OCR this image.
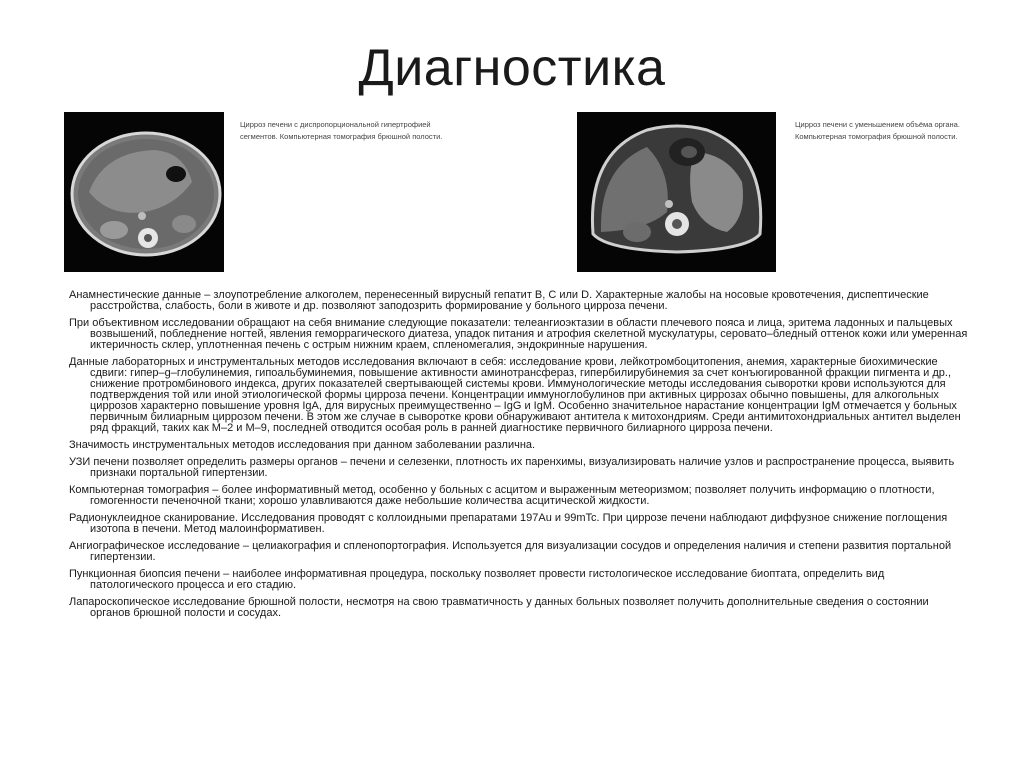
Диагностика

Цирроз печени с диспропорциональной гипертрофией сегментов. Компьютерная томография брюшной полости.

Цирроз печени с уменьшением объёма органа. Компьютерная томография брюшной полости.

Анамнестические данные – злоупотребление алкоголем, перенесенный вирусный гепатит B, C или D. Характерные жалобы на носовые кровотечения, диспептические расстройства, слабость, боли в животе и др. позволяют заподозрить формирование у больного цирроза печени.

При объективном исследовании обращают на себя внимание следующие показатели: телеангиоэктазии в области плечевого пояса и лица, эритема ладонных и пальцевых возвышений, побледнение ногтей, явления геморрагического диатеза, упадок питания и атрофия скелетной мускулатуры, серовато–бледный оттенок кожи или умеренная иктеричность склер, уплотненная печень с острым нижним краем, спленомегалия, эндокринные нарушения.

Данные лабораторных и инструментальных методов исследования включают в себя: исследование крови, лейкотромбоцитопения, анемия, характерные биохимические сдвиги: гипер–g–глобулинемия, гипоальбуминемия, повышение активности аминотрансфераз, гипербилирубинемия за счет конъюгированной фракции пигмента и др., снижение протромбинового индекса, других показателей свертывающей системы крови. Иммунологические методы исследования сыворотки крови используются для подтверждения той или иной этиологической формы цирроза печени. Концентрации иммуноглобулинов при активных циррозах обычно повышены, для алкогольных циррозов характерно повышение уровня IgA, для вирусных преимущественно – IgG и IgM. Особенно значительное нарастание концентрации IgM отмечается у больных первичным билиарным циррозом печени. В этом же случае в сыворотке крови обнаруживают антитела к митохондриям. Среди антимитохондриальных антител выделен ряд фракций, таких как M–2 и M–9, последней отводится особая роль в ранней диагностике первичного билиарного цирроза печени.

Значимость инструментальных методов исследования при данном заболевании различна.

УЗИ печени позволяет определить размеры органов – печени и селезенки, плотность их паренхимы, визуализировать наличие узлов и распространение процесса, выявить признаки портальной гипертензии.

Компьютерная томография – более информативный метод, особенно у больных с асцитом и выраженным метеоризмом; позволяет получить информацию о плотности, гомогенности печеночной ткани; хорошо улавливаются даже небольшие количества асцитической жидкости.

Радионуклеидное сканирование. Исследования проводят с коллоидными препаратами 197Au и 99mTc. При циррозе печени наблюдают диффузное снижение поглощения изотопа в печени. Метод малоинформативен.

Ангиографическое исследование – целиакография и спленопортография. Используется для визуализации сосудов и определения наличия и степени развития портальной гипертензии.

Пункционная биопсия печени – наиболее информативная процедура, поскольку позволяет провести гистологическое исследование биоптата, определить вид патологического процесса и его стадию.

Лапароскопическое исследование брюшной полости, несмотря на свою травматичность у данных больных позволяет получить дополнительные сведения о состоянии органов брюшной полости и сосудах.
